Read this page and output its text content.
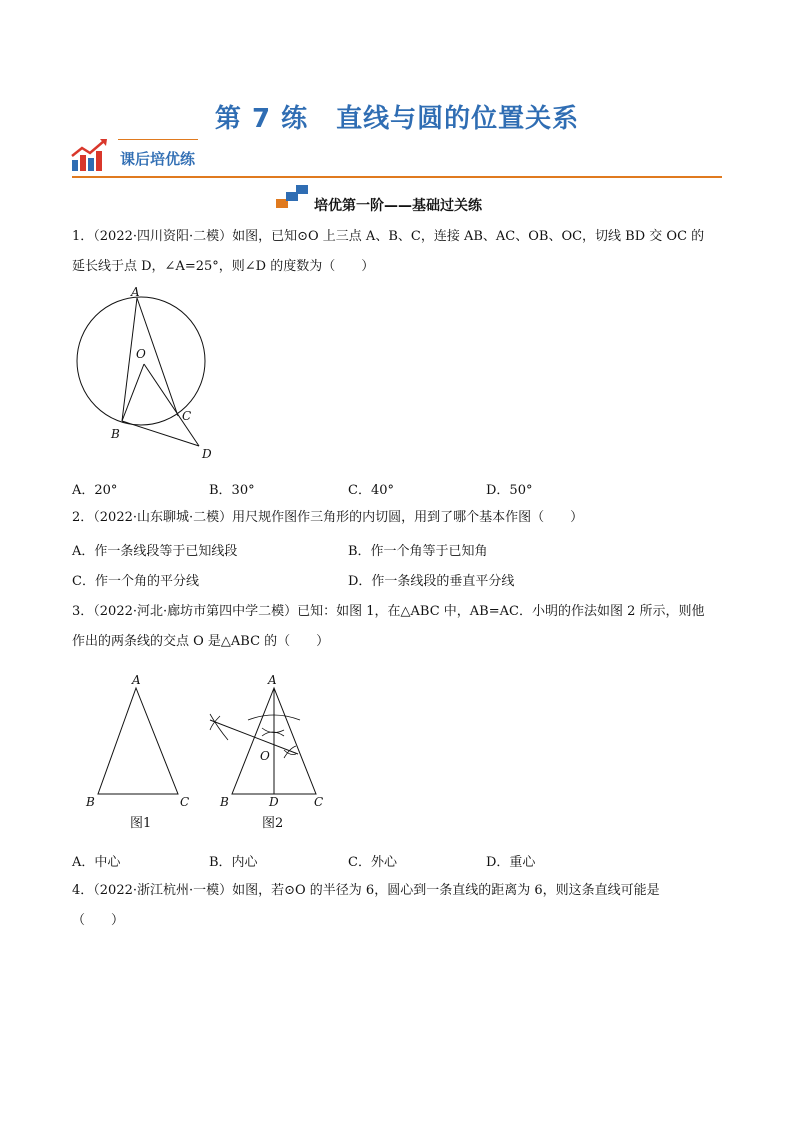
第 7 练 直线与圆的位置关系
课后培优练
培优第一阶——基础过关练
1．（2022·四川资阳·二模）如图，已知⊙O 上三点 A、B、C，连接 AB、AC、OB、OC，切线 BD 交 OC 的
延长线于点 D，∠A=25°，则∠D 的度数为（　　）
A
O
B
C
D
A．20°	B．30°	C．40°	D．50°
2．（2022·山东聊城·二模）用尺规作图作三角形的内切圆，用到了哪个基本作图（　　）
A．作一条线段等于已知线段	B．作一个角等于已知角
C．作一个角的平分线	D．作一条线段的垂直平分线
3．（2022·河北·廊坊市第四中学二模）已知：如图 1，在△ABC 中，AB=AC．小明的作法如图 2 所示，则他
作出的两条线的交点 O 是△ABC 的（　　）
A
B	C
图1
A
O
B	D	C
图2
A．中心	B．内心	C．外心	D．重心
4．（2022·浙江杭州·一模）如图，若⊙O 的半径为 6，圆心到一条直线的距离为 6，则这条直线可能是
（　　）
